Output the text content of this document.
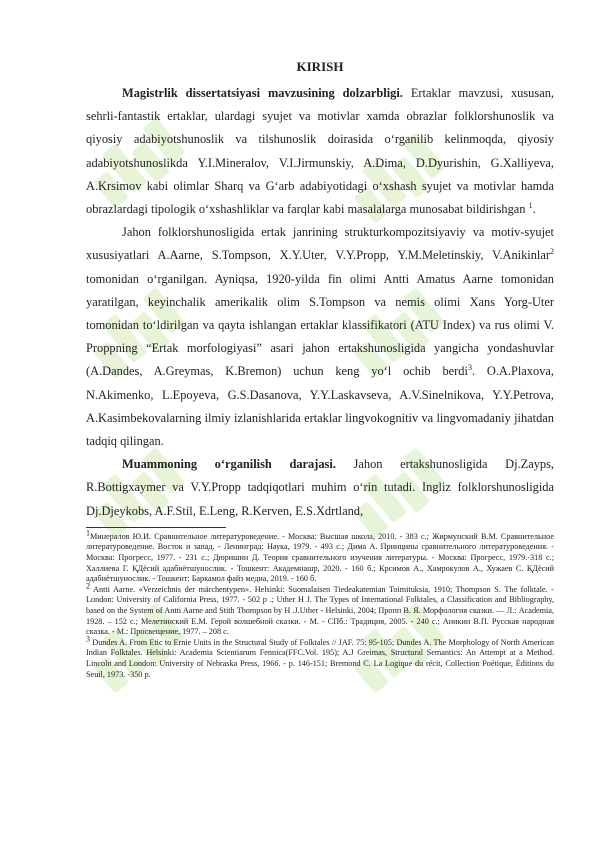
KIRISH

Magistrlik dissertatsiyasi mavzusining dolzarbligi. Ertaklar mavzusi, xususan, sehrli-fantastik ertaklar, ulardagi syujet va motivlar xamda obrazlar folklorshunoslik va qiyosiy adabiyotshunoslik va tilshunoslik doirasida oʻrganilib kelinmoqda, qiyosiy adabiyotshunoslikda Y.I.Mineralov, V.I.Jirmunskiy, A.Dima, D.Dyurishin, G.Xalliyeva, A.Krsimov kabi olimlar Sharq va Gʻarb adabiyotidagi oʻxshash syujet va motivlar hamda obrazlardagi tipologik oʻxshashliklar va farqlar kabi masalalarga munosabat bildirishgan $^1$.

Jahon folklorshunosligida ertak janrining strukturkompozitsiyaviy va motiv-syujet xususiyatlari A.Aarne, S.Tompson, X.Y.Uter, V.Y.Propp, Y.M.Meletinskiy, V.Anikinlar$^2$ tomonidan oʻrganilgan. Ayniqsa, 1920-yilda fin olimi Antti Amatus Aarne tomonidan yaratilgan, keyinchalik amerikalik olim S.Tompson va nemis olimi Xans Yorg-Uter tomonidan toʻldirilgan va qayta ishlangan ertaklar klassifikatori (ATU Index) va rus olimi V. Proppning “Ertak morfologiyasi” asari jahon ertakshunosligida yangicha yondashuvlar (A.Dandes, A.Greymas, K.Bremon) uchun keng yoʻl ochib berdi$^3$. O.A.Plaxova, N.Akimenko, L.Epoyeva, G.S.Dasanova, Y.Y.Laskavseva, A.V.Sinelnikova, Y.Y.Petrova, A.Kasimbekovalarning ilmiy izlanishlarida ertaklar lingvokognitiv va lingvomadaniy jihatdan tadqiq qilingan.

Muammoning oʻrganilish darajasi. Jahon ertakshunosligida Dj.Zayps, R.Bottigxaymer va V.Y.Propp tadqiqotlari muhim oʻrin tutadi. Ingliz folklorshunosligida Dj.Djeykobs, A.F.Stil, E.Leng, R.Kerven, E.S.Xdrtland,

$^1$Минералов Ю.И. Сравнительное литературоведение. - Москва: Высшая школа, 2010. - 383 с.; Жирмунский В.М. Сравнительное литературоведение. Восток и запад. - Ленинград: Наука, 1979. - 493 с.; Дима А. Принципы сравнительного литературоведения. - Москва: Прогресс, 1977. - 231 с.; Дюришин Д. Теория сравнительного изучения литературы. - Москва: Прогресс, 1979.-318 с.; Халлиева Г. ҚДёсий адабиётшунослик. - Тошкент: Академнашр, 2020. - 160 б.; Крсимов А., Хамрокулов А., Хужаев С. ҚДёсий адабиётшунослик. - Тошкент: Баркамол файз медиа, 2019. - 160 б.

$^2$ Antti Aarne. «Verzeichnis der märchentypen». Helsinki: Suomalaisen Tiedeakatemian Toimituksia, 1910; Thompson S. The folktale. - London: University of California Press, 1977. - 502 p .; Uther H J. The Types of International Folktales, a Classification and Bibliography, based on the System of Antti Aarne and Stith Thompson by H .J.Uther - Helsinki, 2004; Пропп В. Я. Морфология сказки. — Л.: Academia, 1928. – 152 с.; Мелетинский Е.М. Герой волшебной сказки. - М. - СПб.: Традиция, 2005. - 240 с.; Аникин В.П. Русская народная сказка. - М.: Просвещение, 1977. – 208 с.

$^3$ Dundes A. From Etic to Ernie Units in the Structural Study of Folktales // JAF. 75: 95-105; Dundes A. The Morphology of North American Indian Folktales. Helsinki: Academia Scientiarum Fennica(FFC.Vol. 195); A.J Greimas, Structural Semantics: An Attempt at a Method. Lincoln and London: University of Nebraska Press, 1966. - p. 146-151; Bremond C. La Logique du récit, Collection Poétique, Éditions du Seuil, 1973. -350 p.
